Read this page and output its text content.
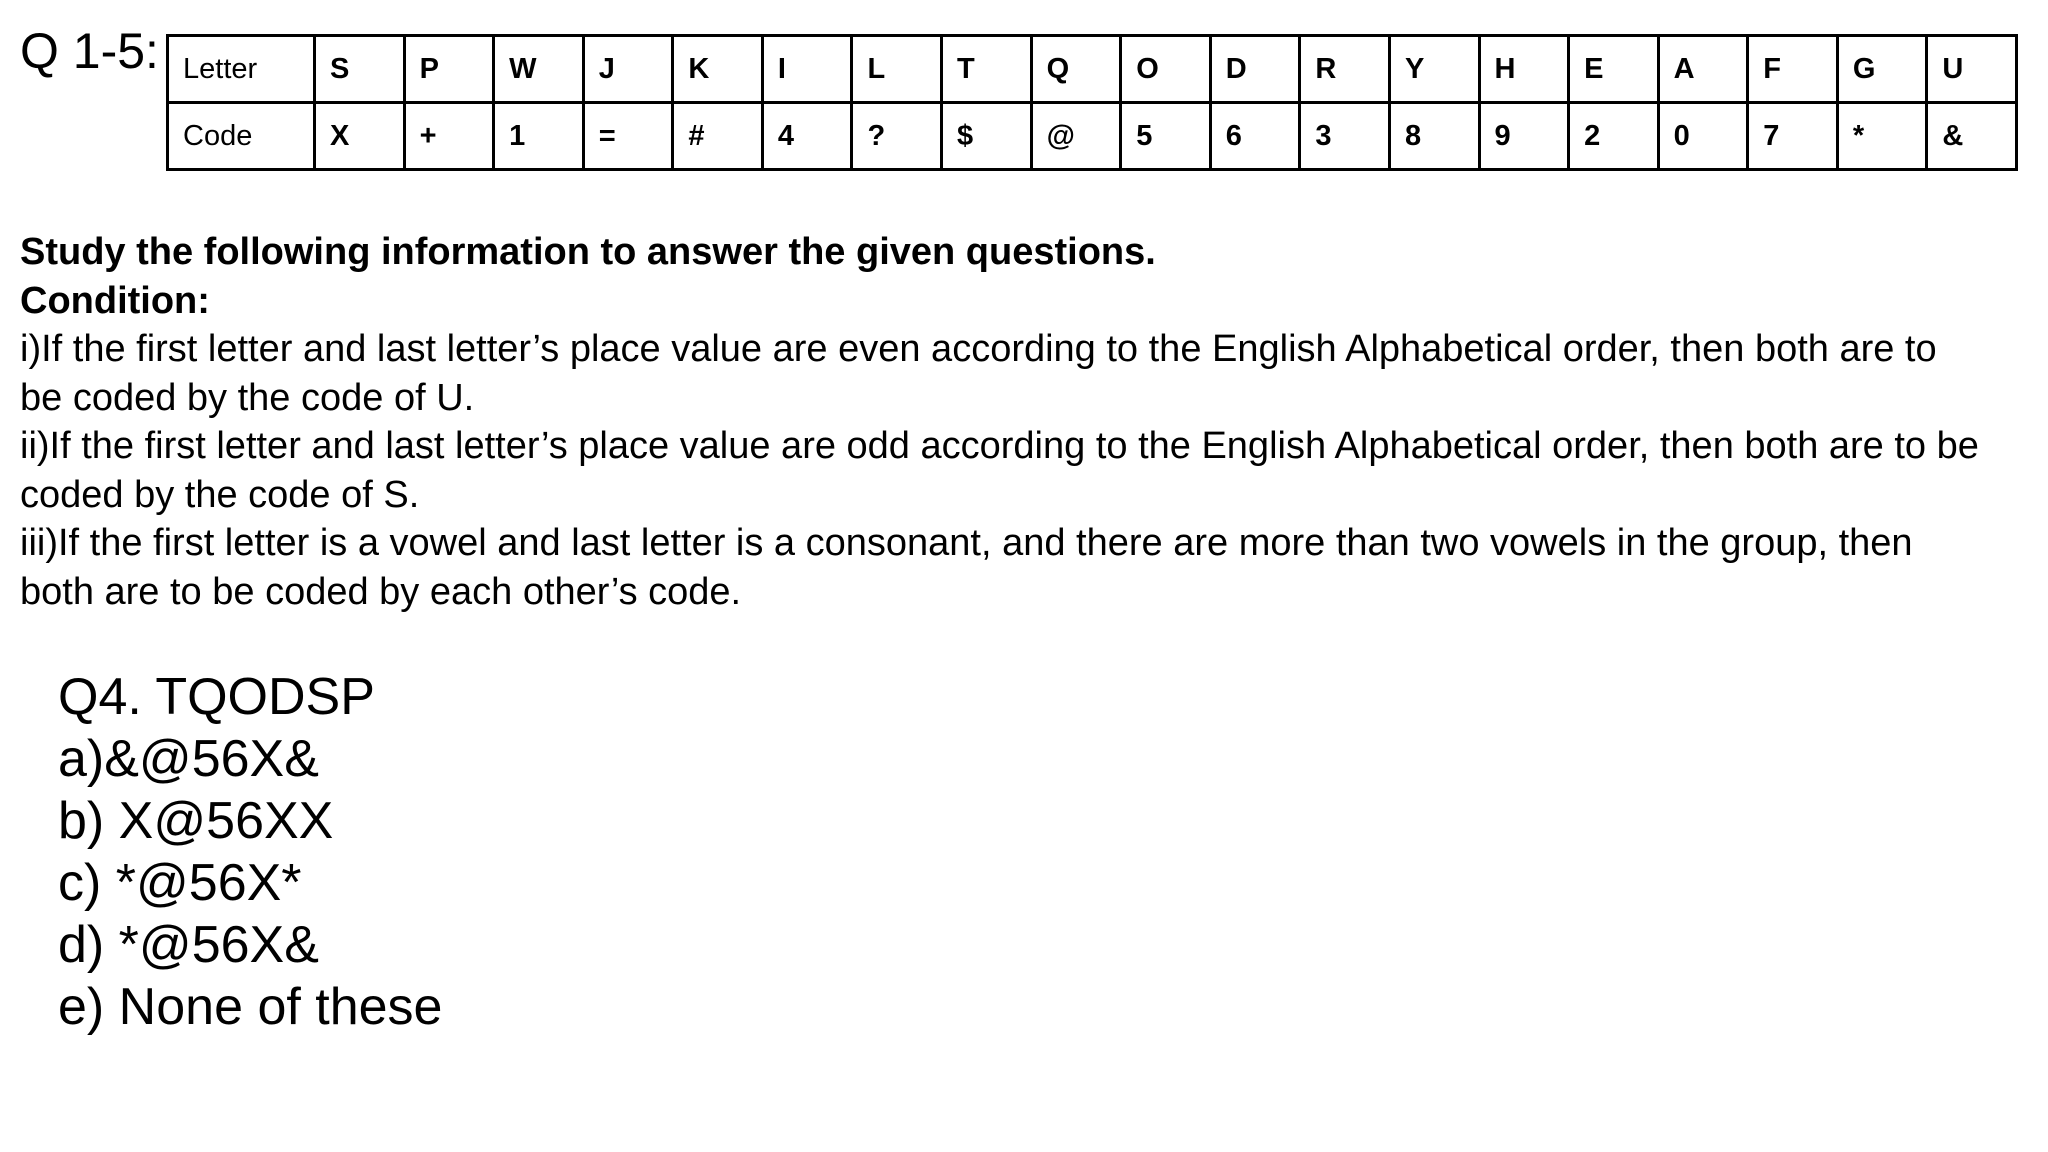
Q 1-5: Letter	S	P	W	J	K	I	L	T	Q	O	D	R	Y	H	E	A	F	G	U
Code	X	+	1	=	#	4	?	$	@	5	6	3	8	9	2	0	7	*	&
Study the following information to answer the given questions.
Condition:
i)If the first letter and last letter’s place value are even according to the English Alphabetical order, then both are to be coded by the code of U.
ii)If the first letter and last letter’s place value are odd according to the English Alphabetical order, then both are to be coded by the code of S.
iii)If the first letter is a vowel and last letter is a consonant, and there are more than two vowels in the group, then both are to be coded by each other’s code.
Q4. TQODSP
a)&@56X&
b) X@56XX
c) *@56X*
d) *@56X&
e) None of these
